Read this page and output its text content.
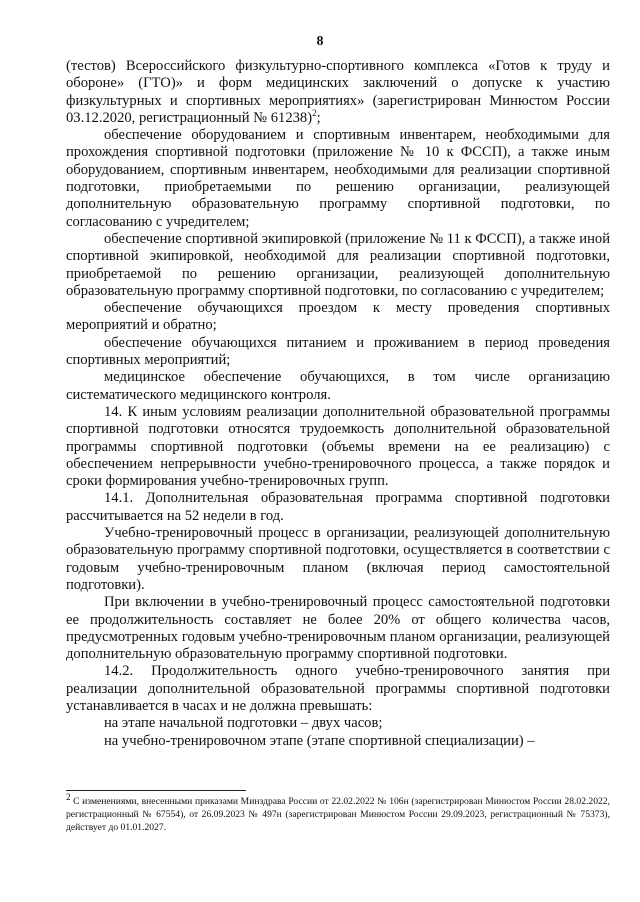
8

(тестов) Всероссийского физкультурно-спортивного комплекса «Готов к труду и обороне» (ГТО)» и форм медицинских заключений о допуске к участию физкультурных и спортивных мероприятиях» (зарегистрирован Минюстом России 03.12.2020, регистрационный № 61238)$^2$;

обеспечение оборудованием и спортивным инвентарем, необходимыми для прохождения спортивной подготовки (приложение № 10 к ФССП), а также иным оборудованием, спортивным инвентарем, необходимыми для реализации спортивной подготовки, приобретаемыми по решению организации, реализующей дополнительную образовательную программу спортивной подготовки, по согласованию с учредителем;

обеспечение спортивной экипировкой (приложение № 11 к ФССП), а также иной спортивной экипировкой, необходимой для реализации спортивной подготовки, приобретаемой по решению организации, реализующей дополнительную образовательную программу спортивной подготовки, по согласованию с учредителем;

обеспечение обучающихся проездом к месту проведения спортивных мероприятий и обратно;

обеспечение обучающихся питанием и проживанием в период проведения спортивных мероприятий;

медицинское обеспечение обучающихся, в том числе организацию систематического медицинского контроля.

14. К иным условиям реализации дополнительной образовательной программы спортивной подготовки относятся трудоемкость дополнительной образовательной программы спортивной подготовки (объемы времени на ее реализацию) с обеспечением непрерывности учебно-тренировочного процесса, а также порядок и сроки формирования учебно-тренировочных групп.

14.1. Дополнительная образовательная программа спортивной подготовки рассчитывается на 52 недели в год.

Учебно-тренировочный процесс в организации, реализующей дополнительную образовательную программу спортивной подготовки, осуществляется в соответствии с годовым учебно-тренировочным планом (включая период самостоятельной подготовки).

При включении в учебно-тренировочный процесс самостоятельной подготовки ее продолжительность составляет не более 20% от общего количества часов, предусмотренных годовым учебно-тренировочным планом организации, реализующей дополнительную образовательную программу спортивной подготовки.

14.2. Продолжительность одного учебно-тренировочного занятия при реализации дополнительной образовательной программы спортивной подготовки устанавливается в часах и не должна превышать:

на этапе начальной подготовки – двух часов;

на учебно-тренировочном этапе (этапе спортивной специализации) –

$^2$ С изменениями, внесенными приказами Минздрава России от 22.02.2022 № 106н (зарегистрирован Минюстом России 28.02.2022, регистрационный № 67554), от 26.09.2023 № 497н (зарегистрирован Минюстом России 29.09.2023, регистрационный № 75373), действует до 01.01.2027.
